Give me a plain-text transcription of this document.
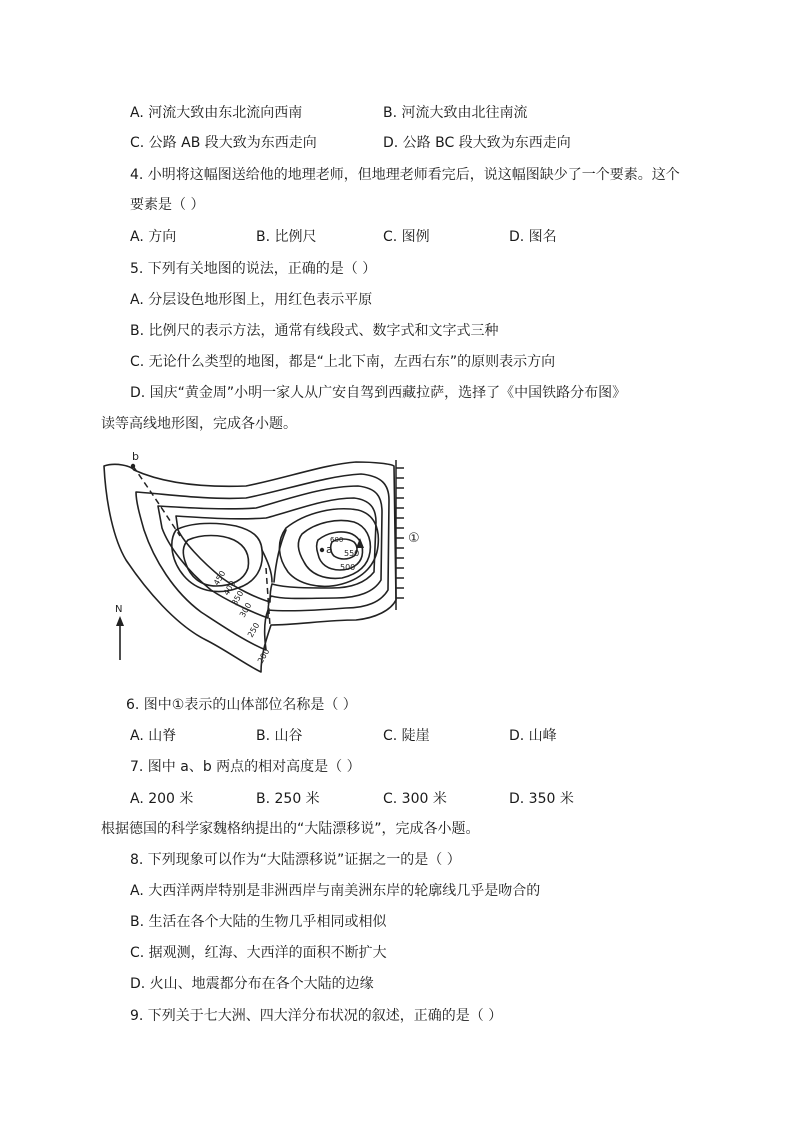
A. 河流大致由东北流向西南	B. 河流大致由北往南流
C. 公路 AB 段大致为东西走向	D. 公路 BC 段大致为东西走向
4. 小明将这幅图送给他的地理老师，但地理老师看完后，说这幅图缺少了一个要素。这个
要素是（ ）
A. 方向	B. 比例尺	C. 图例	D. 图名
5. 下列有关地图的说法，正确的是（ ）
A. 分层设色地形图上，用红色表示平原
B. 比例尺的表示方法，通常有线段式、数字式和文字式三种
C. 无论什么类型的地图，都是“上北下南，左西右东”的原则表示方向
D. 国庆“黄金周”小明一家人从广安自驾到西藏拉萨，选择了《中国铁路分布图》
读等高线地形图，完成各小题。
b
a
①
450
400
350
300
250
200
550
500
600
N
6. 图中①表示的山体部位名称是（ ）
A. 山脊	B. 山谷	C. 陡崖	D. 山峰
7. 图中 a、b 两点的相对高度是（ ）
A. 200 米	B. 250 米	C. 300 米	D. 350 米
根据德国的科学家魏格纳提出的“大陆漂移说”，完成各小题。
8. 下列现象可以作为“大陆漂移说”证据之一的是（ ）
A. 大西洋两岸特别是非洲西岸与南美洲东岸的轮廓线几乎是吻合的
B. 生活在各个大陆的生物几乎相同或相似
C. 据观测，红海、大西洋的面积不断扩大
D. 火山、地震都分布在各个大陆的边缘
9. 下列关于七大洲、四大洋分布状况的叙述，正确的是（ ）
